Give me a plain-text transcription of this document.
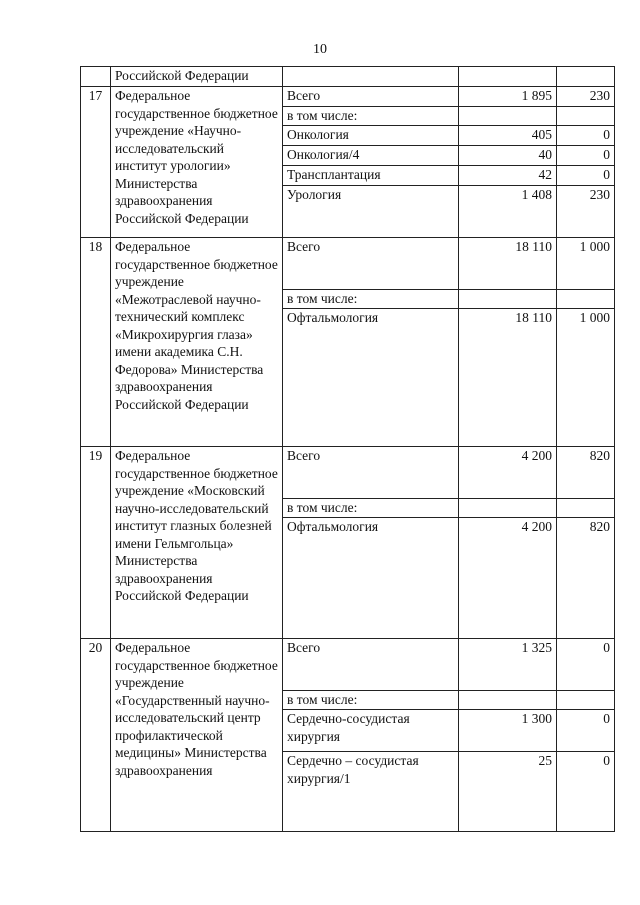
10
	Российской Федерации			
17	Федеральное государственное бюджетное учреждение «Научно-исследовательский институт урологии» Министерства здравоохранения Российской Федерации	Всего	1 895	230
		в том числе:		
		Онкология	405	0
		Онкология/4	40	0
		Трансплантация	42	0
		Урология	1 408	230
18	Федеральное государственное бюджетное учреждение «Межотраслевой научно-технический комплекс «Микрохирургия глаза» имени академика С.Н. Федорова» Министерства здравоохранения Российской Федерации	Всего	18 110	1 000
		в том числе:		
		Офтальмология	18 110	1 000
19	Федеральное государственное бюджетное учреждение «Московский научно-исследовательский институт глазных болезней имени Гельмгольца» Министерства здравоохранения Российской Федерации	Всего	4 200	820
		в том числе:		
		Офтальмология	4 200	820
20	Федеральное государственное бюджетное учреждение «Государственный научно-исследовательский центр профилактической медицины» Министерства здравоохранения	Всего	1 325	0
		в том числе:		
		Сердечно-сосудистая хирургия	1 300	0
		Сердечно – сосудистая хирургия/1	25	0
